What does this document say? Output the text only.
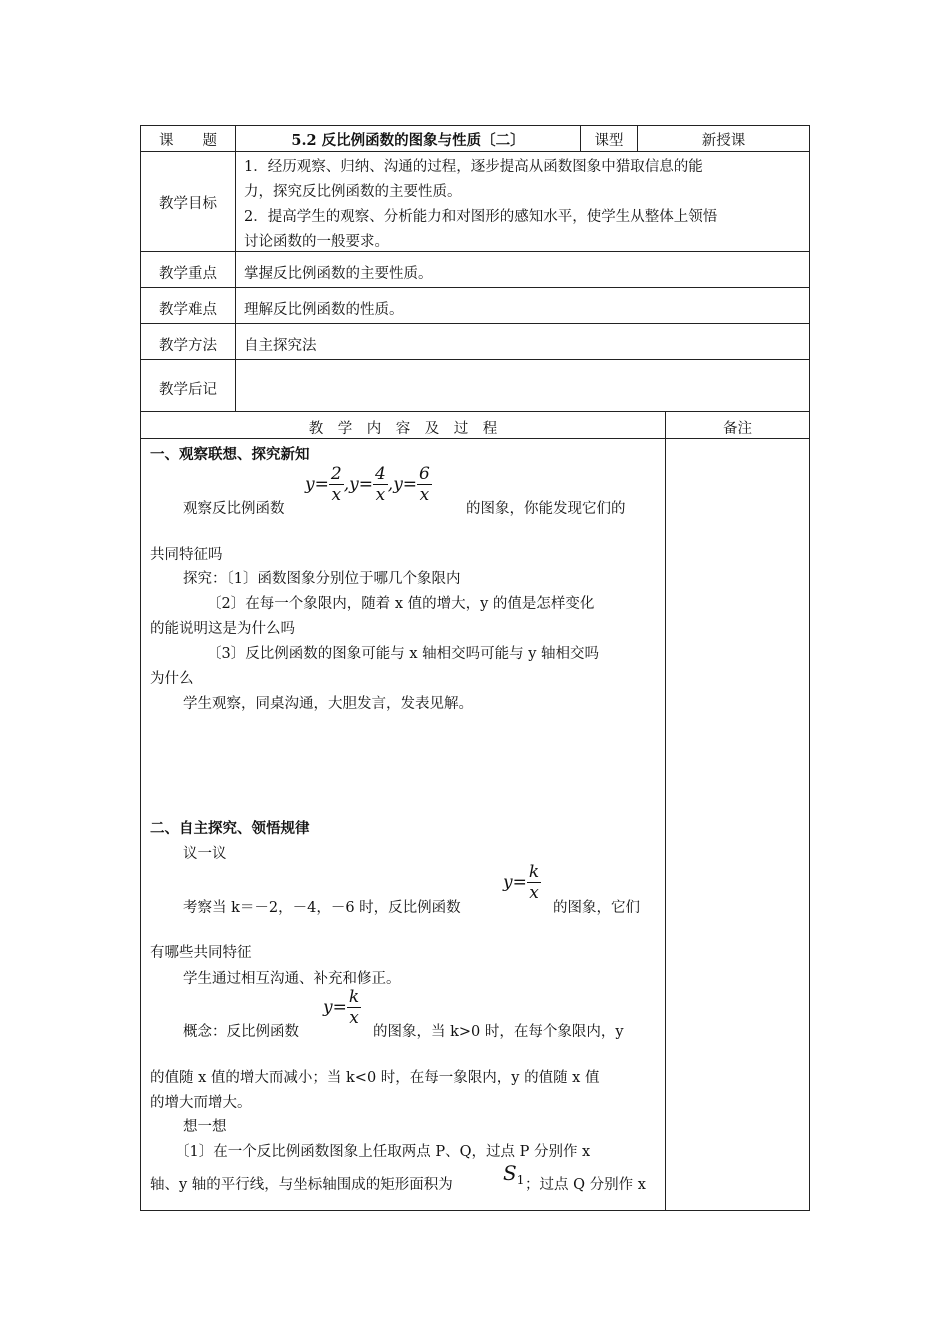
课　　题	5.2 反比例函数的图象与性质〔二〕	课型	新授课
教学目标
1．经历观察、归纳、沟通的过程，逐步提高从函数图象中猎取信息的能
力，探究反比例函数的主要性质。
2．提高学生的观察、分析能力和对图形的感知水平，使学生从整体上领悟
讨论函数的一般要求。
教学重点	掌握反比例函数的主要性质。
教学难点	理解反比例函数的性质。
教学方法	自主探究法
教学后记
教　学　内　容　及　过　程	备注
一、观察联想、探究新知
$y= \frac{2}{x} ,y= \frac{4}{x} ,y= \frac{6}{x}$
观察反比例函数	的图象，你能发现它们的
共同特征吗
探究：〔1〕函数图象分别位于哪几个象限内
〔2〕在每一个象限内，随着 x 值的增大，y 的值是怎样变化
的能说明这是为什么吗
〔3〕反比例函数的图象可能与 x 轴相交吗可能与 y 轴相交吗
为什么
学生观察，同桌沟通，大胆发言，发表见解。
二、自主探究、领悟规律
议一议
$y= \frac{k}{x}$
考察当 k＝－2，－4，－6 时，反比例函数	的图象，它们
有哪些共同特征
学生通过相互沟通、补充和修正。
$y= \frac{k}{x}$
概念：反比例函数	的图象，当 k>0 时，在每个象限内，y
的值随 x 值的增大而减小；当 k<0 时，在每一象限内，y 的值随 x 值
的增大而增大。
想一想
〔1〕在一个反比例函数图象上任取两点 P、Q，过点 P 分别作 x
轴、y 轴的平行线，与坐标轴围成的矩形面积为	$S_1$ ；过点 Q 分别作 x
